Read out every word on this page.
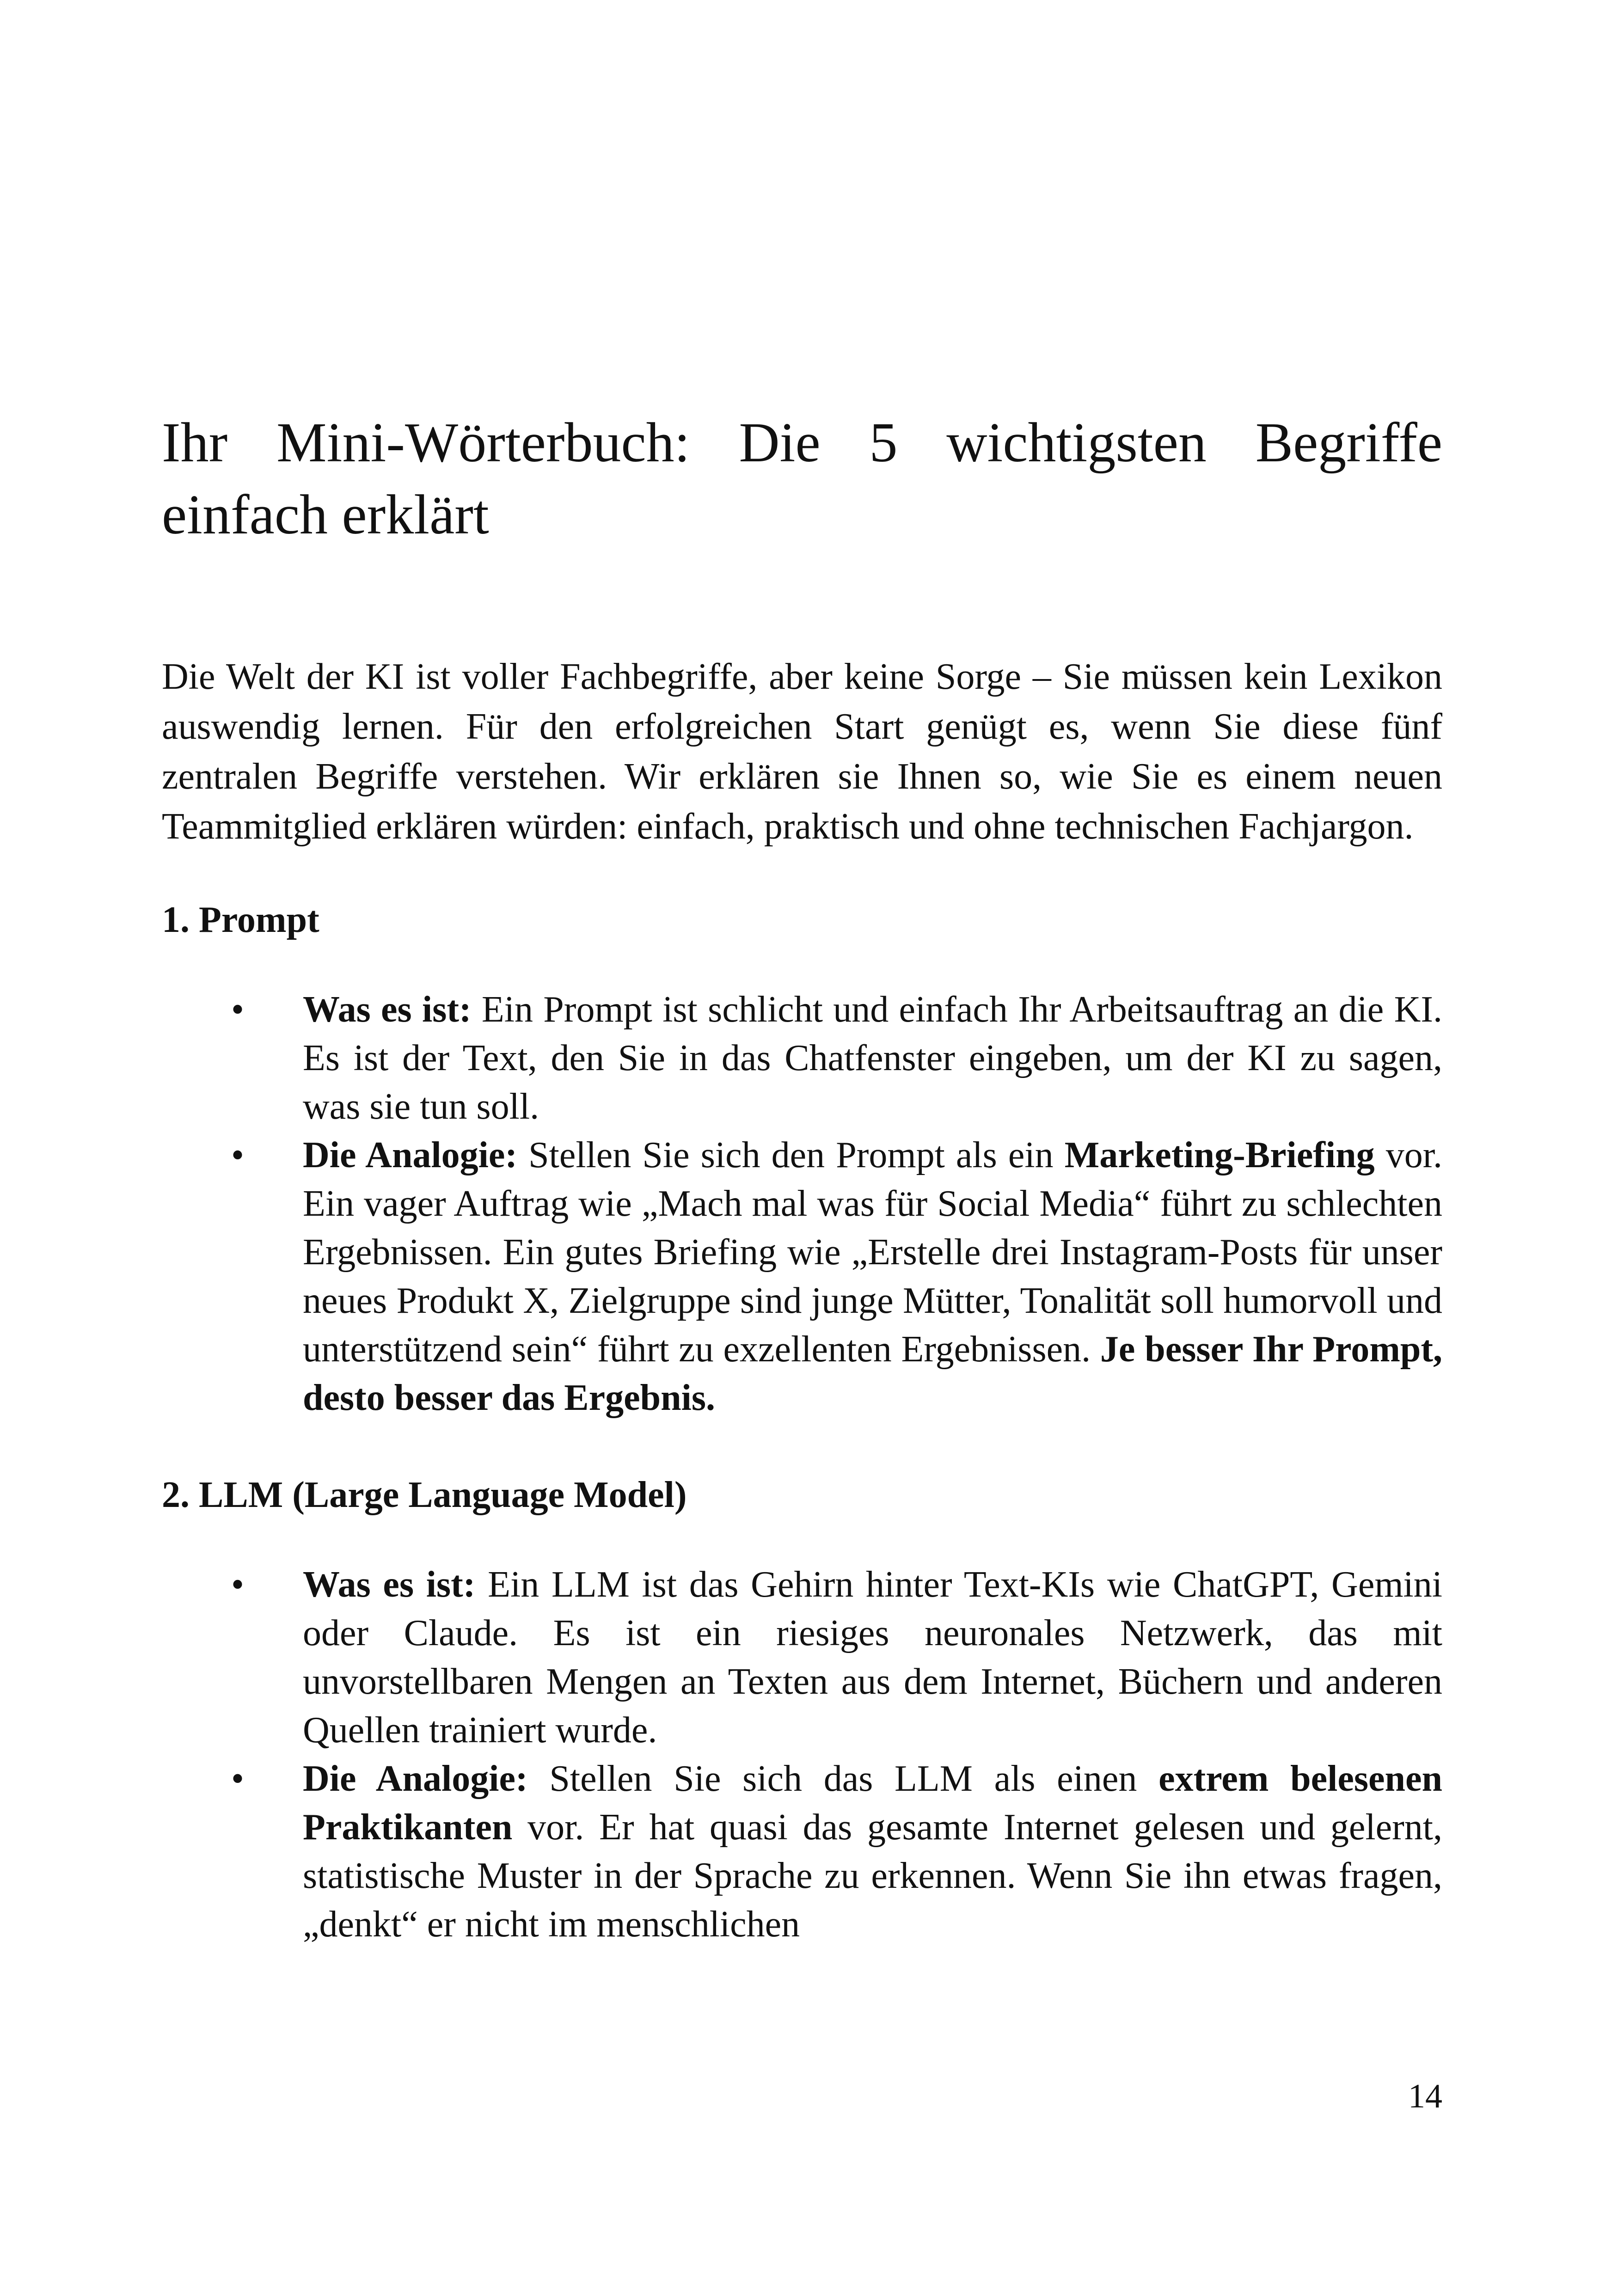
Ihr Mini-Wörterbuch: Die 5 wichtigsten Begriffe
einfach erklärt

Die Welt der KI ist voller Fachbegriffe, aber keine Sorge – Sie müssen kein Lexikon auswendig lernen. Für den erfolgreichen Start genügt es, wenn Sie diese fünf zentralen Begriffe verstehen. Wir erklären sie Ihnen so, wie Sie es einem neuen Teammitglied erklären würden: einfach, praktisch und ohne technischen Fachjargon.

1. Prompt
• Was es ist: Ein Prompt ist schlicht und einfach Ihr Arbeitsauftrag an die KI. Es ist der Text, den Sie in das Chatfenster eingeben, um der KI zu sagen, was sie tun soll.
• Die Analogie: Stellen Sie sich den Prompt als ein Marketing-Briefing vor. Ein vager Auftrag wie „Mach mal was für Social Media“ führt zu schlechten Ergebnissen. Ein gutes Briefing wie „Erstelle drei Instagram-Posts für unser neues Produkt X, Zielgruppe sind junge Mütter, Tonalität soll humorvoll und unterstützend sein“ führt zu exzellenten Ergebnissen. Je besser Ihr Prompt, desto besser das Ergebnis.
2. LLM (Large Language Model)
• Was es ist: Ein LLM ist das Gehirn hinter Text-KIs wie ChatGPT, Gemini oder Claude. Es ist ein riesiges neuronales Netzwerk, das mit unvorstellbaren Mengen an Texten aus dem Internet, Büchern und anderen Quellen trainiert wurde.
• Die Analogie: Stellen Sie sich das LLM als einen extrem belesenen Praktikanten vor. Er hat quasi das gesamte Internet gelesen und gelernt, statistische Muster in der Sprache zu erkennen. Wenn Sie ihn etwas fragen, „denkt“ er nicht im menschlichen
14
